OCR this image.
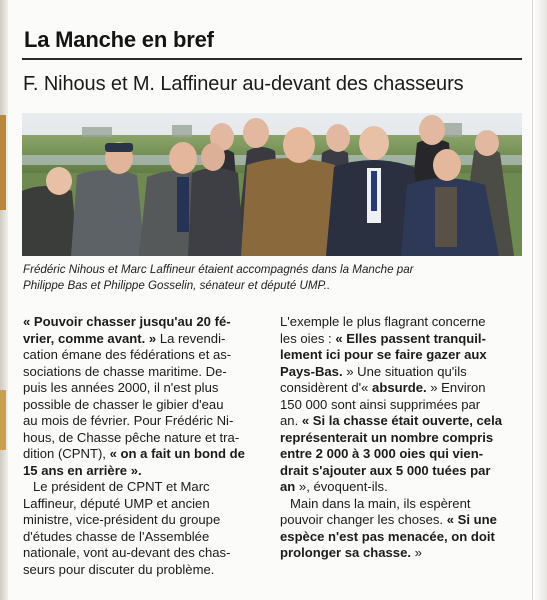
La Manche en bref
F. Nihous et M. Laffineur au-devant des chasseurs
Frédéric Nihous et Marc Laffineur étaient accompagnés dans la Manche par
Philippe Bas et Philippe Gosselin, sénateur et député UMP..
« Pouvoir chasser jusqu'au 20 fé-
vrier, comme avant. » La revendi-
cation émane des fédérations et as-
sociations de chasse maritime. De-
puis les années 2000, il n'est plus
possible de chasser le gibier d'eau
au mois de février. Pour Frédéric Ni-
hous, de Chasse pêche nature et tra-
dition (CPNT), « on a fait un bond de
15 ans en arrière ».
Le président de CPNT et Marc
Laffineur, député UMP et ancien
ministre, vice-président du groupe
d'études chasse de l'Assemblée
nationale, vont au-devant des chas-
seurs pour discuter du problème.
L'exemple le plus flagrant concerne
les oies : « Elles passent tranquil-
lement ici pour se faire gazer aux
Pays-Bas. » Une situation qu'ils
considèrent d'« absurde. » Environ
150 000 sont ainsi supprimées par
an. « Si la chasse était ouverte, cela
représenterait un nombre compris
entre 2 000 à 3 000 oies qui vien-
drait s'ajouter aux 5 000 tuées par
an », évoquent-ils.
Main dans la main, ils espèrent
pouvoir changer les choses. « Si une
espèce n'est pas menacée, on doit
prolonger sa chasse. »
